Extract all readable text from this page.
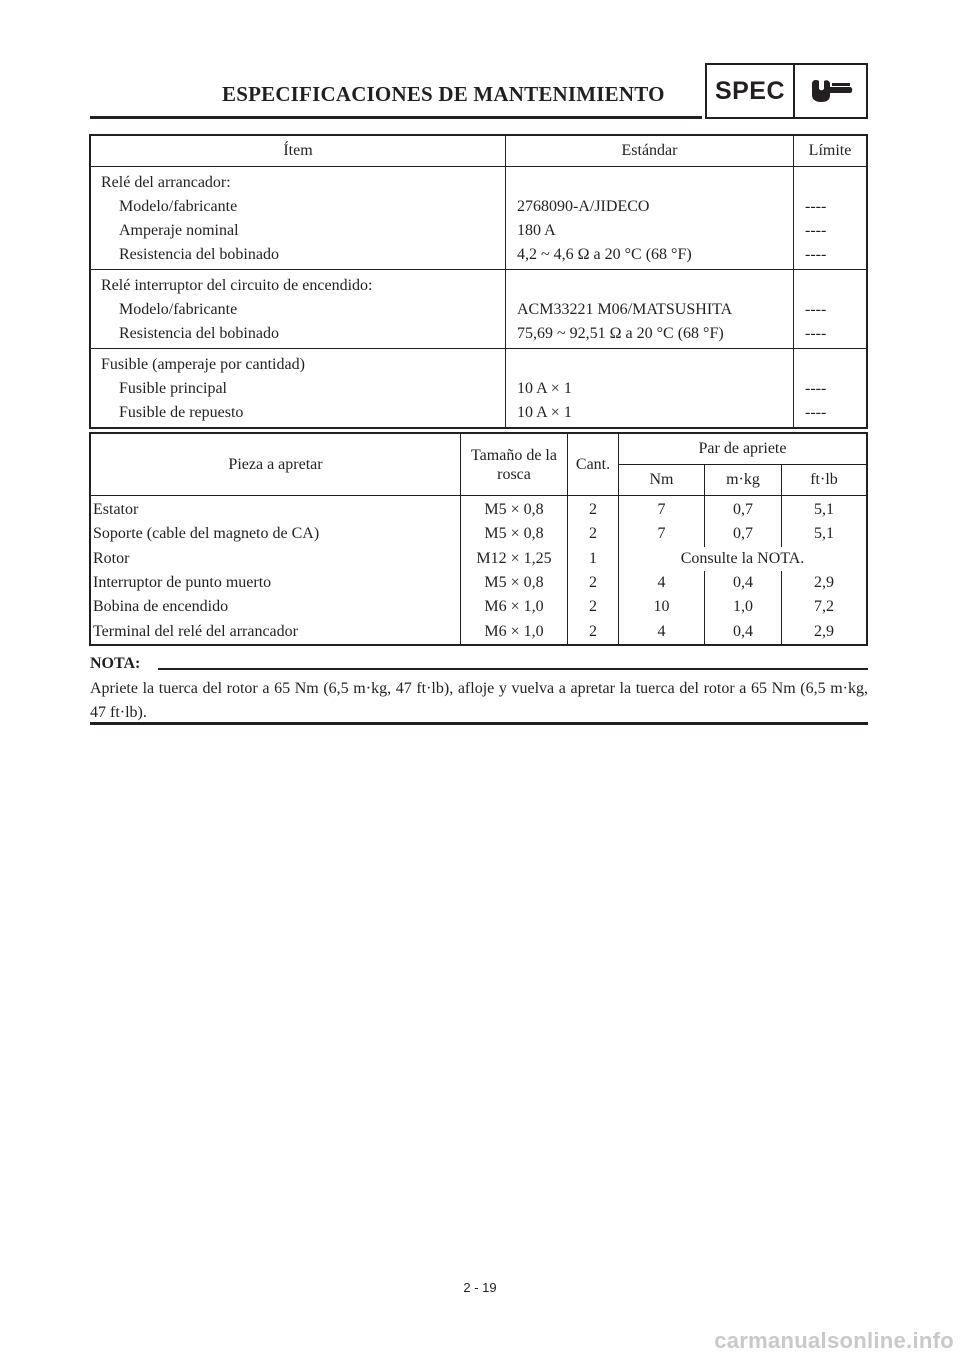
ESPECIFICACIONES DE MANTENIMIENTO	SPEC
Ítem	Estándar	Límite
Relé del arrancador:		
Modelo/fabricante	2768090-A/JIDECO	----
Amperaje nominal	180 A	----
Resistencia del bobinado	4,2 ~ 4,6 Ω a 20 °C (68 °F)	----
Relé interruptor del circuito de encendido:		
Modelo/fabricante	ACM33221 M06/MATSUSHITA	----
Resistencia del bobinado	75,69 ~ 92,51 Ω a 20 °C (68 °F)	----
Fusible (amperaje por cantidad)		
Fusible principal	10 A × 1	----
Fusible de repuesto	10 A × 1	----
Pieza a apretar	Tamaño de la rosca	Cant.	Par de apriete		
			Nm	m·kg	ft·lb
Estator	M5 × 0,8	2	7	0,7	5,1
Soporte (cable del magneto de CA)	M5 × 0,8	2	7	0,7	5,1
Rotor	M12 × 1,25	1	Consulte la NOTA.		
Interruptor de punto muerto	M5 × 0,8	2	4	0,4	2,9
Bobina de encendido	M6 × 1,0	2	10	1,0	7,2
Terminal del relé del arrancador	M6 × 1,0	2	4	0,4	2,9
NOTA:
Apriete la tuerca del rotor a 65 Nm (6,5 m·kg, 47 ft·lb), afloje y vuelva a apretar la tuerca del rotor a 65 Nm (6,5 m·kg, 47 ft·lb).
2 - 19
carmanualsonline.info
